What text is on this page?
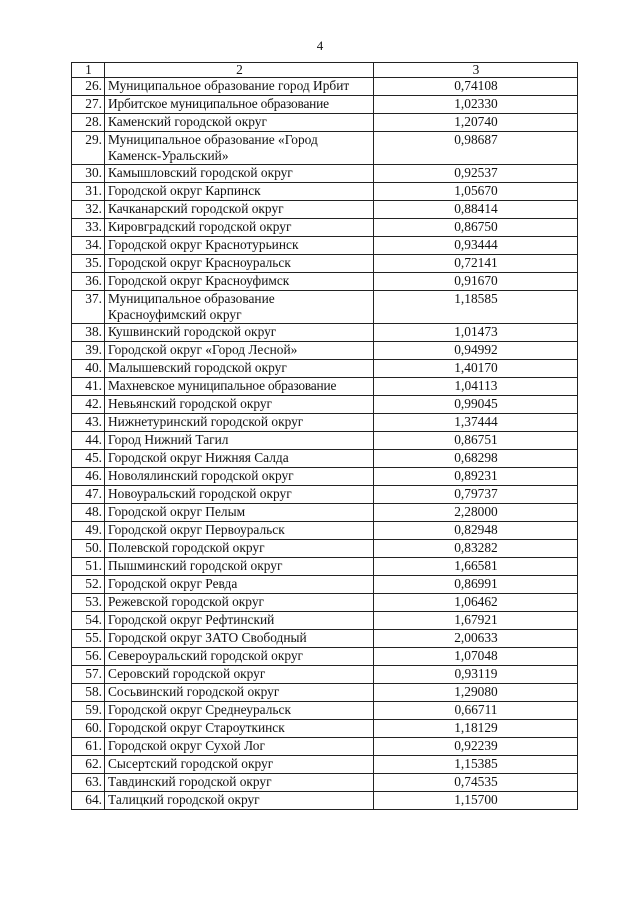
4
1	2	3
26.	Муниципальное образование город Ирбит	0,74108
27.	Ирбитское муниципальное образование	1,02330
28.	Каменский городской округ	1,20740
29.	Муниципальное образование «Город Каменск-Уральский»	0,98687
30.	Камышловский городской округ	0,92537
31.	Городской округ Карпинск	1,05670
32.	Качканарский городской округ	0,88414
33.	Кировградский городской округ	0,86750
34.	Городской округ Краснотурьинск	0,93444
35.	Городской округ Красноуральск	0,72141
36.	Городской округ Красноуфимск	0,91670
37.	Муниципальное образование Красноуфимский округ	1,18585
38.	Кушвинский городской округ	1,01473
39.	Городской округ «Город Лесной»	0,94992
40.	Малышевский городской округ	1,40170
41.	Махневское муниципальное образование	1,04113
42.	Невьянский городской округ	0,99045
43.	Нижнетуринский городской округ	1,37444
44.	Город Нижний Тагил	0,86751
45.	Городской округ Нижняя Салда	0,68298
46.	Новолялинский городской округ	0,89231
47.	Новоуральский городской округ	0,79737
48.	Городской округ Пелым	2,28000
49.	Городской округ Первоуральск	0,82948
50.	Полевской городской округ	0,83282
51.	Пышминский городской округ	1,66581
52.	Городской округ Ревда	0,86991
53.	Режевской городской округ	1,06462
54.	Городской округ Рефтинский	1,67921
55.	Городской округ ЗАТО Свободный	2,00633
56.	Североуральский городской округ	1,07048
57.	Серовский городской округ	0,93119
58.	Сосьвинский городской округ	1,29080
59.	Городской округ Среднеуральск	0,66711
60.	Городской округ Староуткинск	1,18129
61.	Городской округ Сухой Лог	0,92239
62.	Сысертский городской округ	1,15385
63.	Тавдинский городской округ	0,74535
64.	Талицкий городской округ	1,15700
